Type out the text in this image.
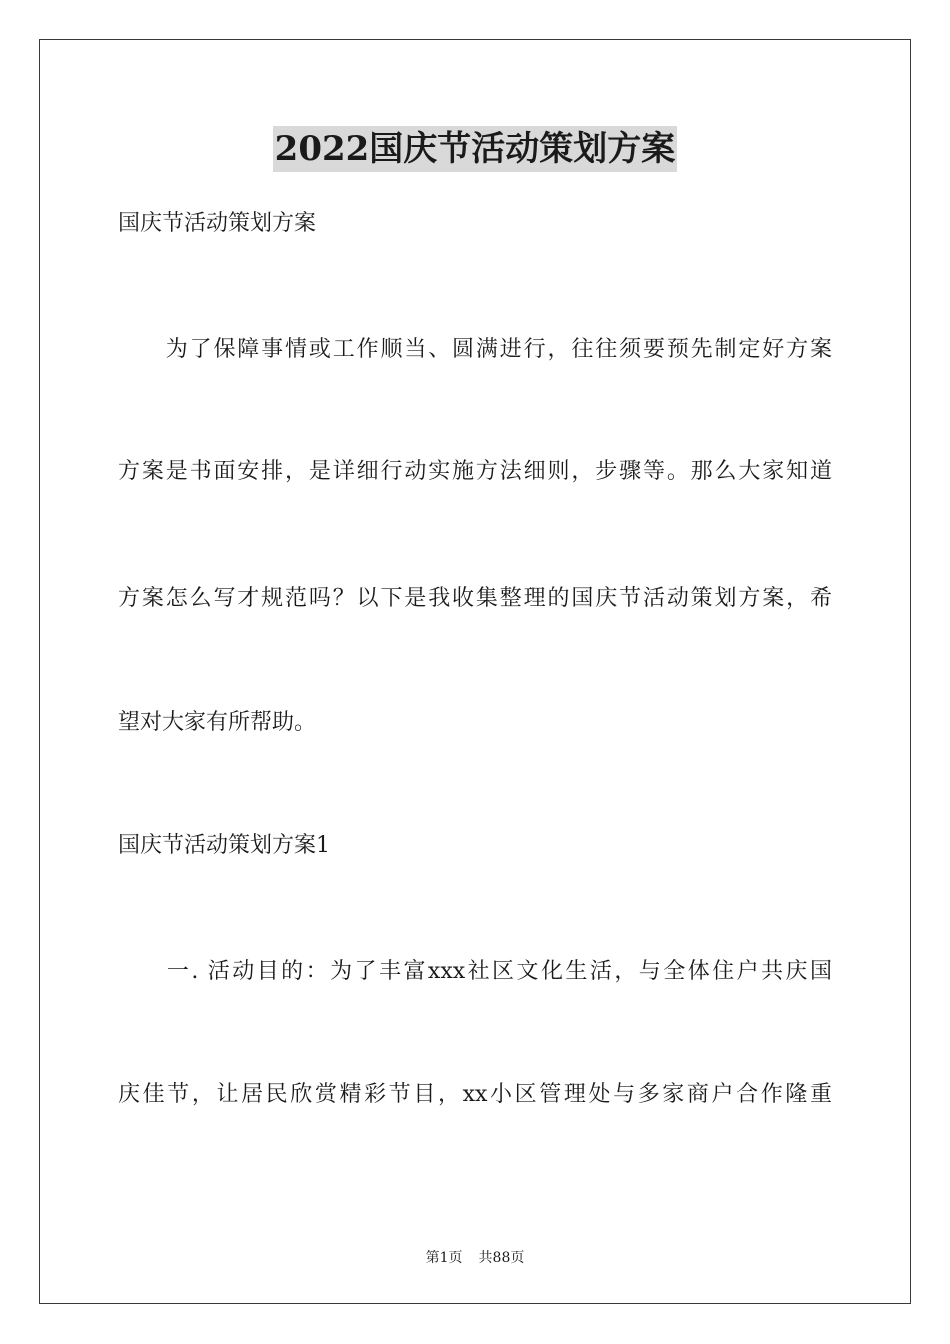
2022国庆节活动策划方案
国庆节活动策划方案
　　为了保障事情或工作顺当、圆满进行，往往须要预先制定好方案
方案是书面安排，是详细行动实施方法细则，步骤等。那么大家知道
方案怎么写才规范吗？以下是我收集整理的国庆节活动策划方案，希
望对大家有所帮助。
国庆节活动策划方案1
　　一. 活动目的：为了丰富xxx社区文化生活，与全体住户共庆国
庆佳节，让居民欣赏精彩节目，xx小区管理处与多家商户合作隆重
第1页 共88页
